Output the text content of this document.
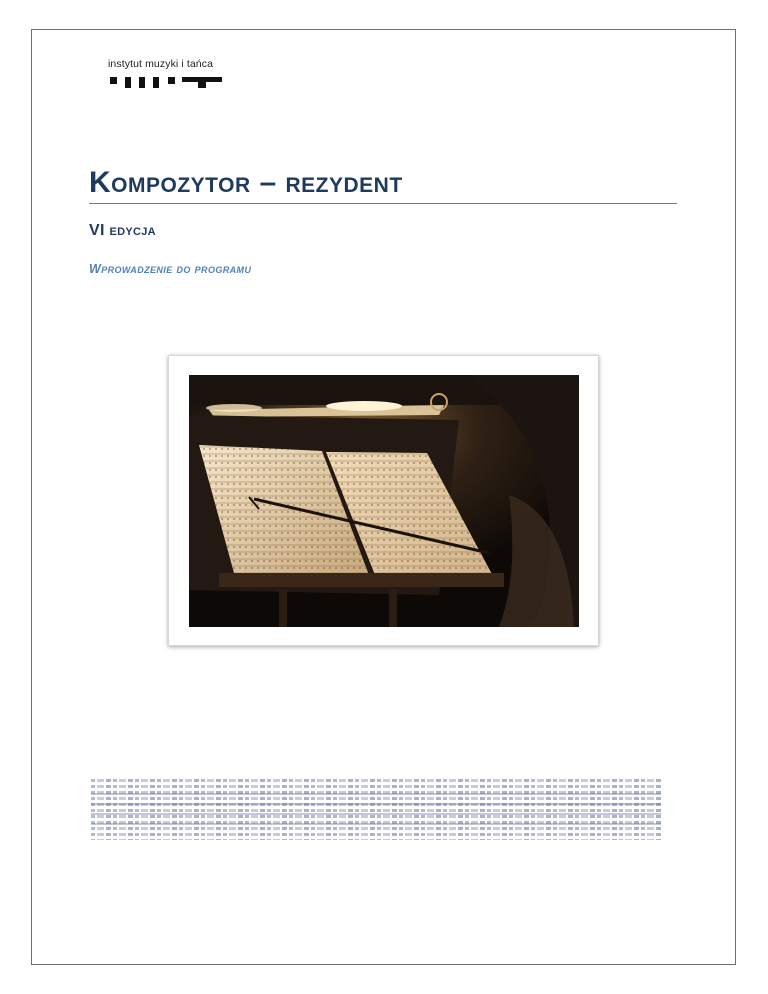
instytut muzyki i tańca
Kompozytor – rezydent
VI edycja
Wprowadzenie do programu
